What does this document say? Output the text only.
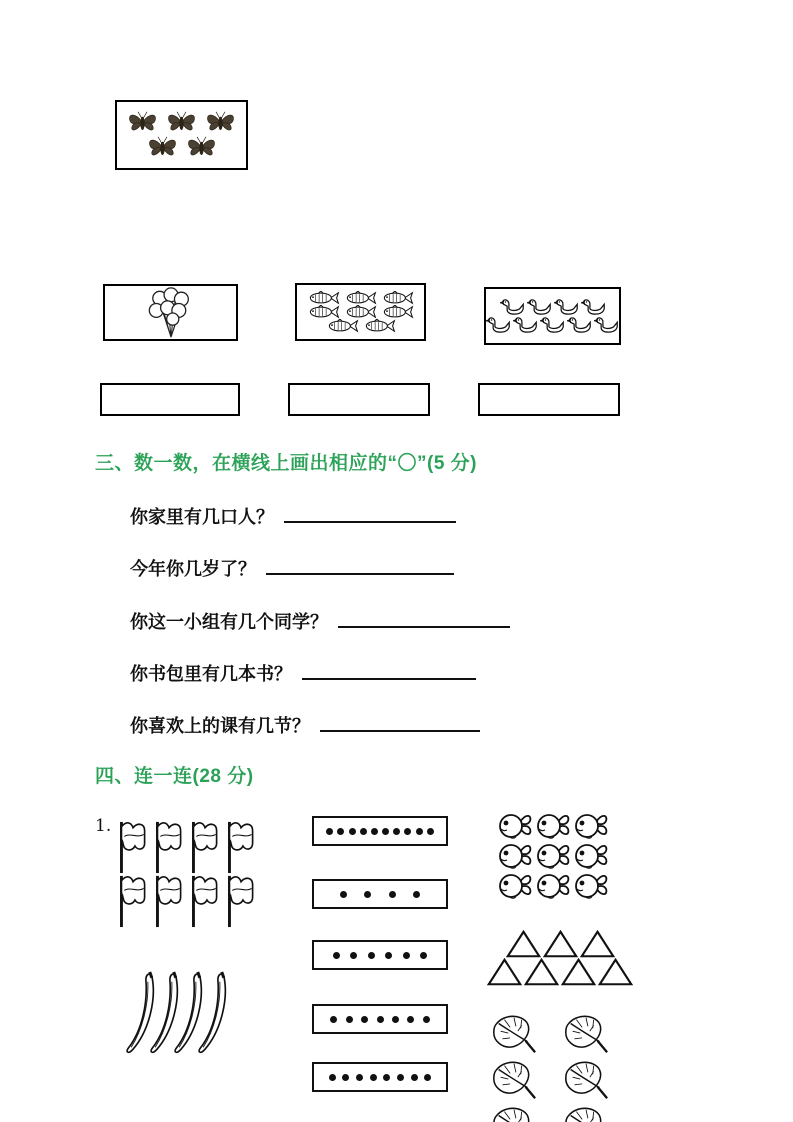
三、数一数，在横线上画出相应的“〇”(5 分)
你家里有几口人？
今年你几岁了？
你这一小组有几个同学？
你书包里有几本书？
你喜欢上的课有几节？
四、连一连(28 分)
1.
